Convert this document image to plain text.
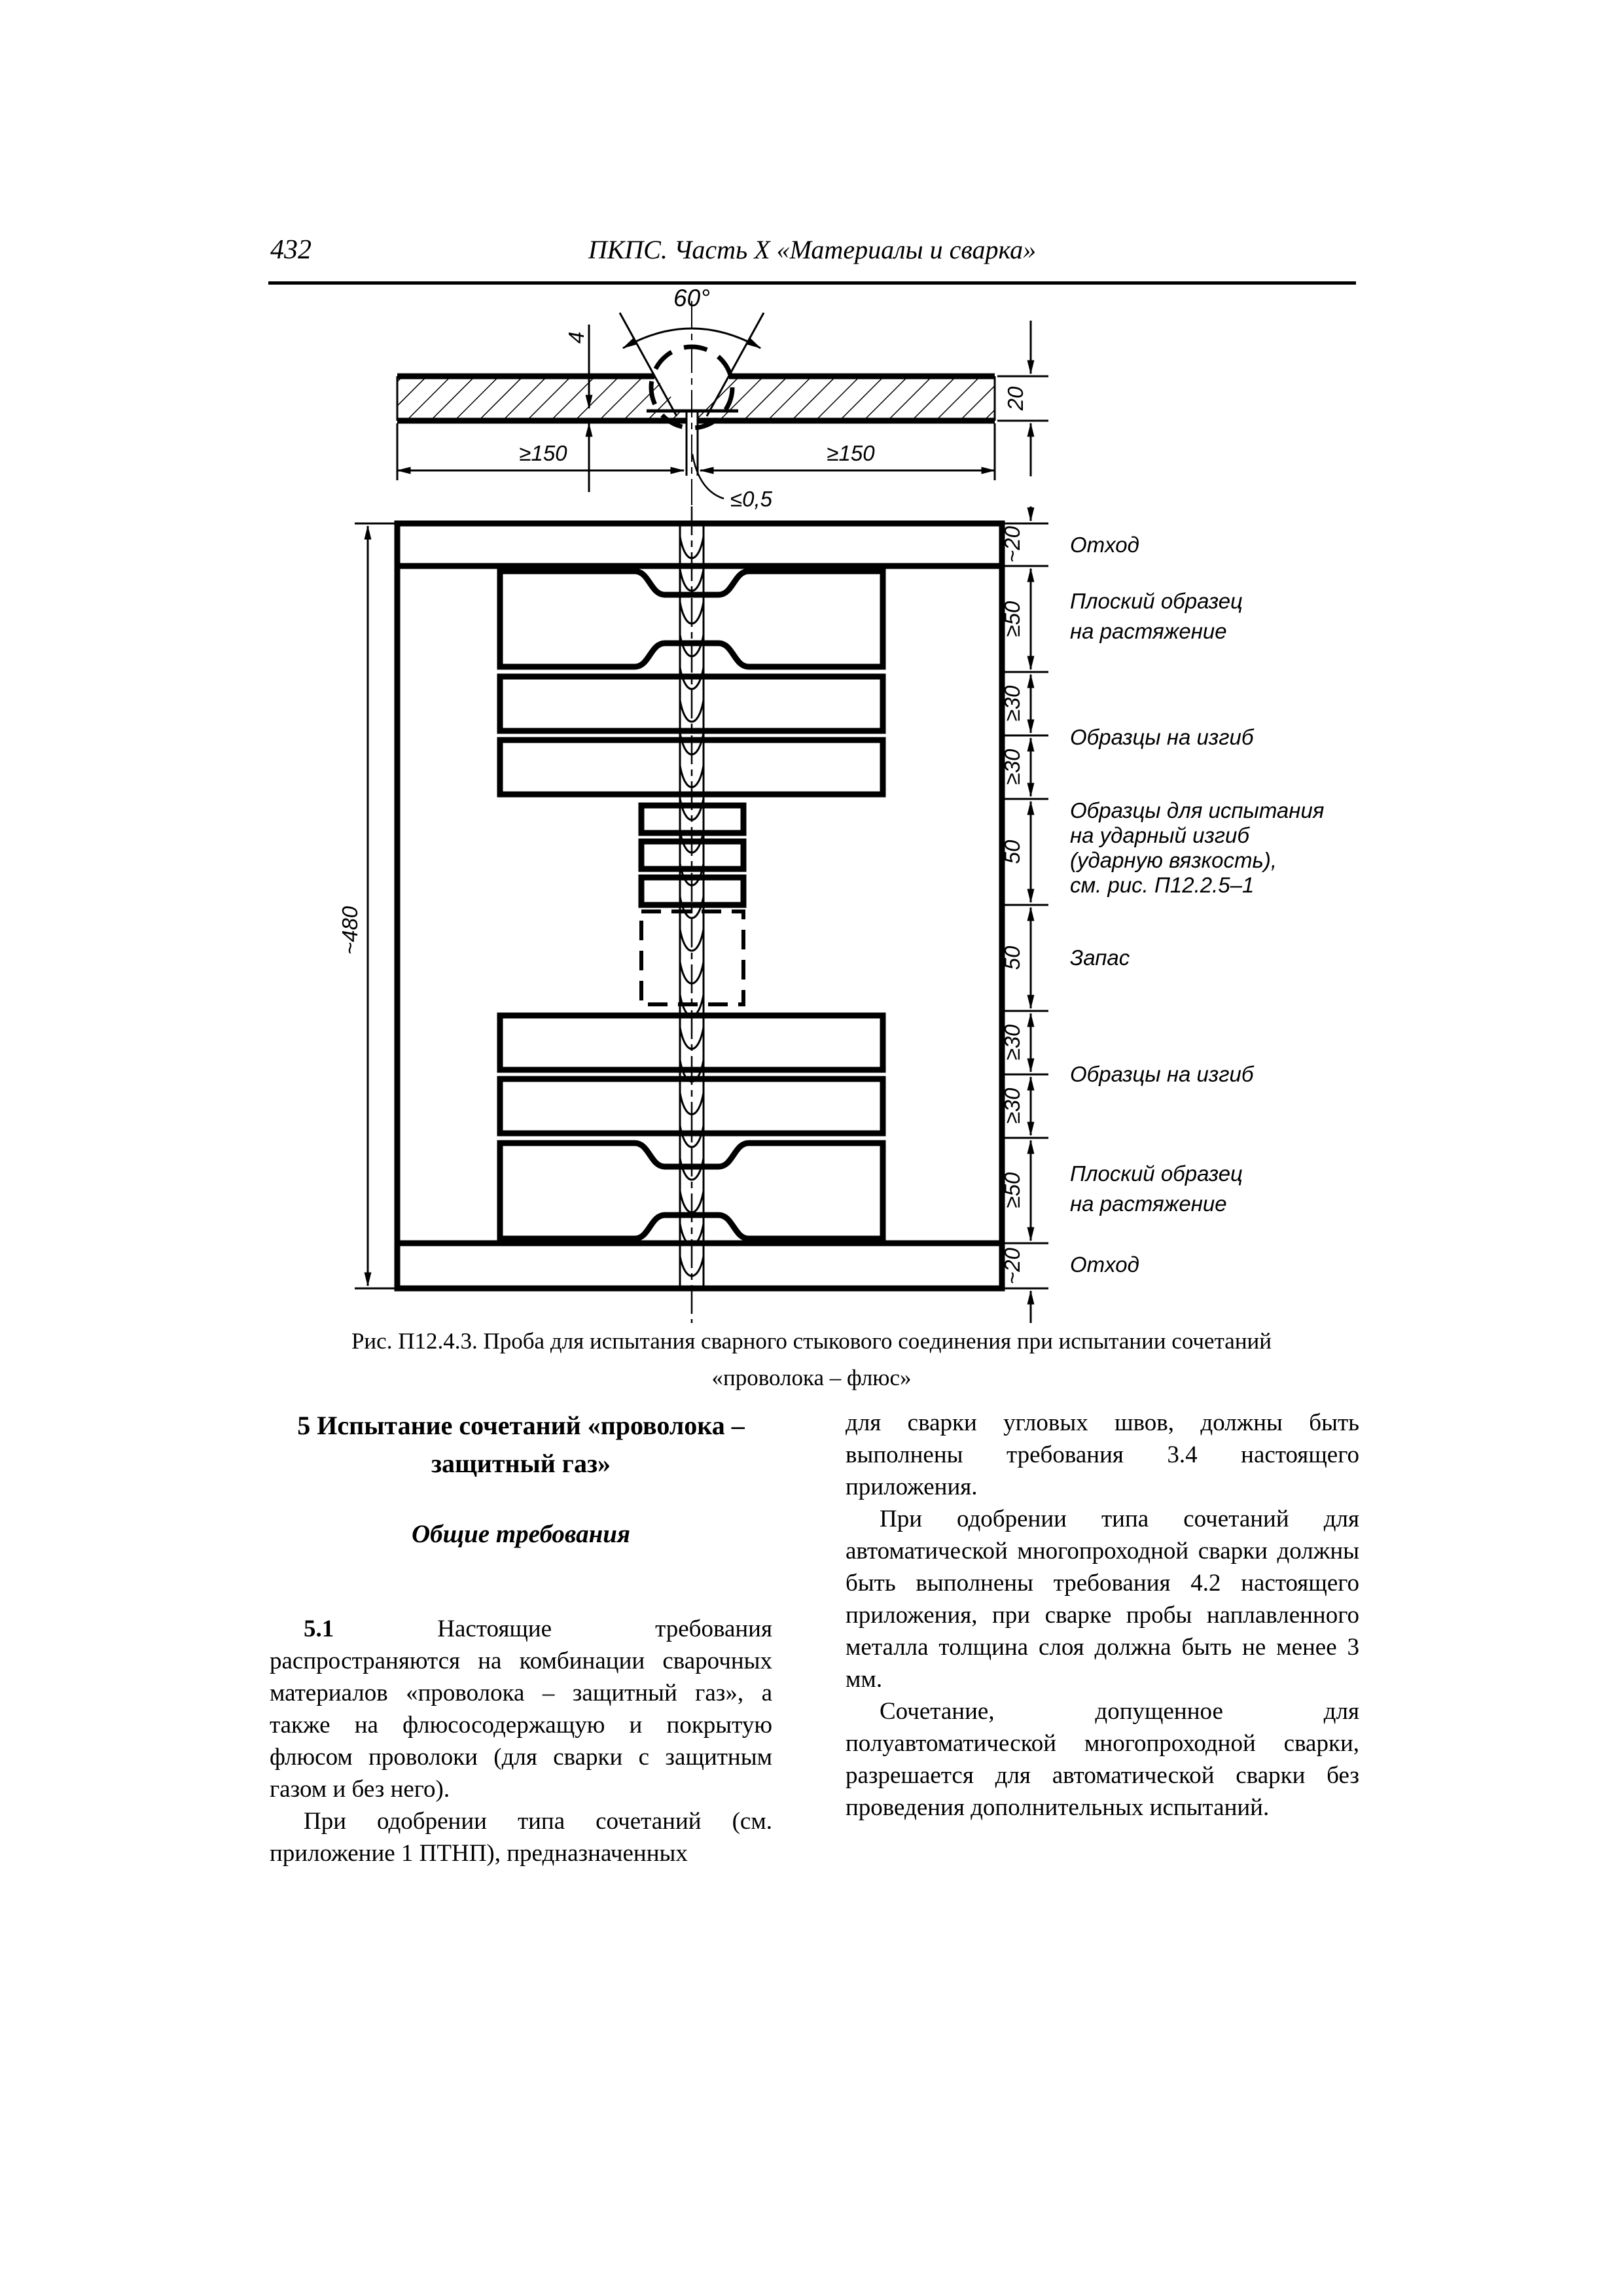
432	ПКПС. Часть X «Материалы и сварка»
60°
4
≥150	≥150
≤0,5
20
~480
~20
≥50
≥30
≥30
50
50
≥30
≥30
≥50
~20
Отход
Плоский образец
на растяжение
Образцы на изгиб
Образцы для испытания
на ударный изгиб
(ударную вязкость),
см. рис. П12.2.5–1
Запас
Образцы на изгиб
Плоский образец
на растяжение
Отход
Рис. П12.4.3. Проба для испытания сварного стыкового соединения при испытании сочетаний
«проволока – флюс»
5 Испытание сочетаний «проволока –
защитный газ»

Общие требования

5.1 Настоящие требования распространяются на комбинации сварочных материалов «проволока – защитный газ», а также на флюсосодержащую и покрытую флюсом проволоки (для сварки с защитным газом и без него).

При одобрении типа сочетаний (см. приложение 1 ПТНП), предназначенных

для сварки угловых швов, должны быть выполнены требования 3.4 настоящего приложения.

При одобрении типа сочетаний для автоматической многопроходной сварки должны быть выполнены требования 4.2 настоящего приложения, при сварке пробы наплавленного металла толщина слоя должна быть не менее 3 мм.

Сочетание, допущенное для полуавтоматической многопроходной сварки, разрешается для автоматической сварки без проведения дополнительных испытаний.
